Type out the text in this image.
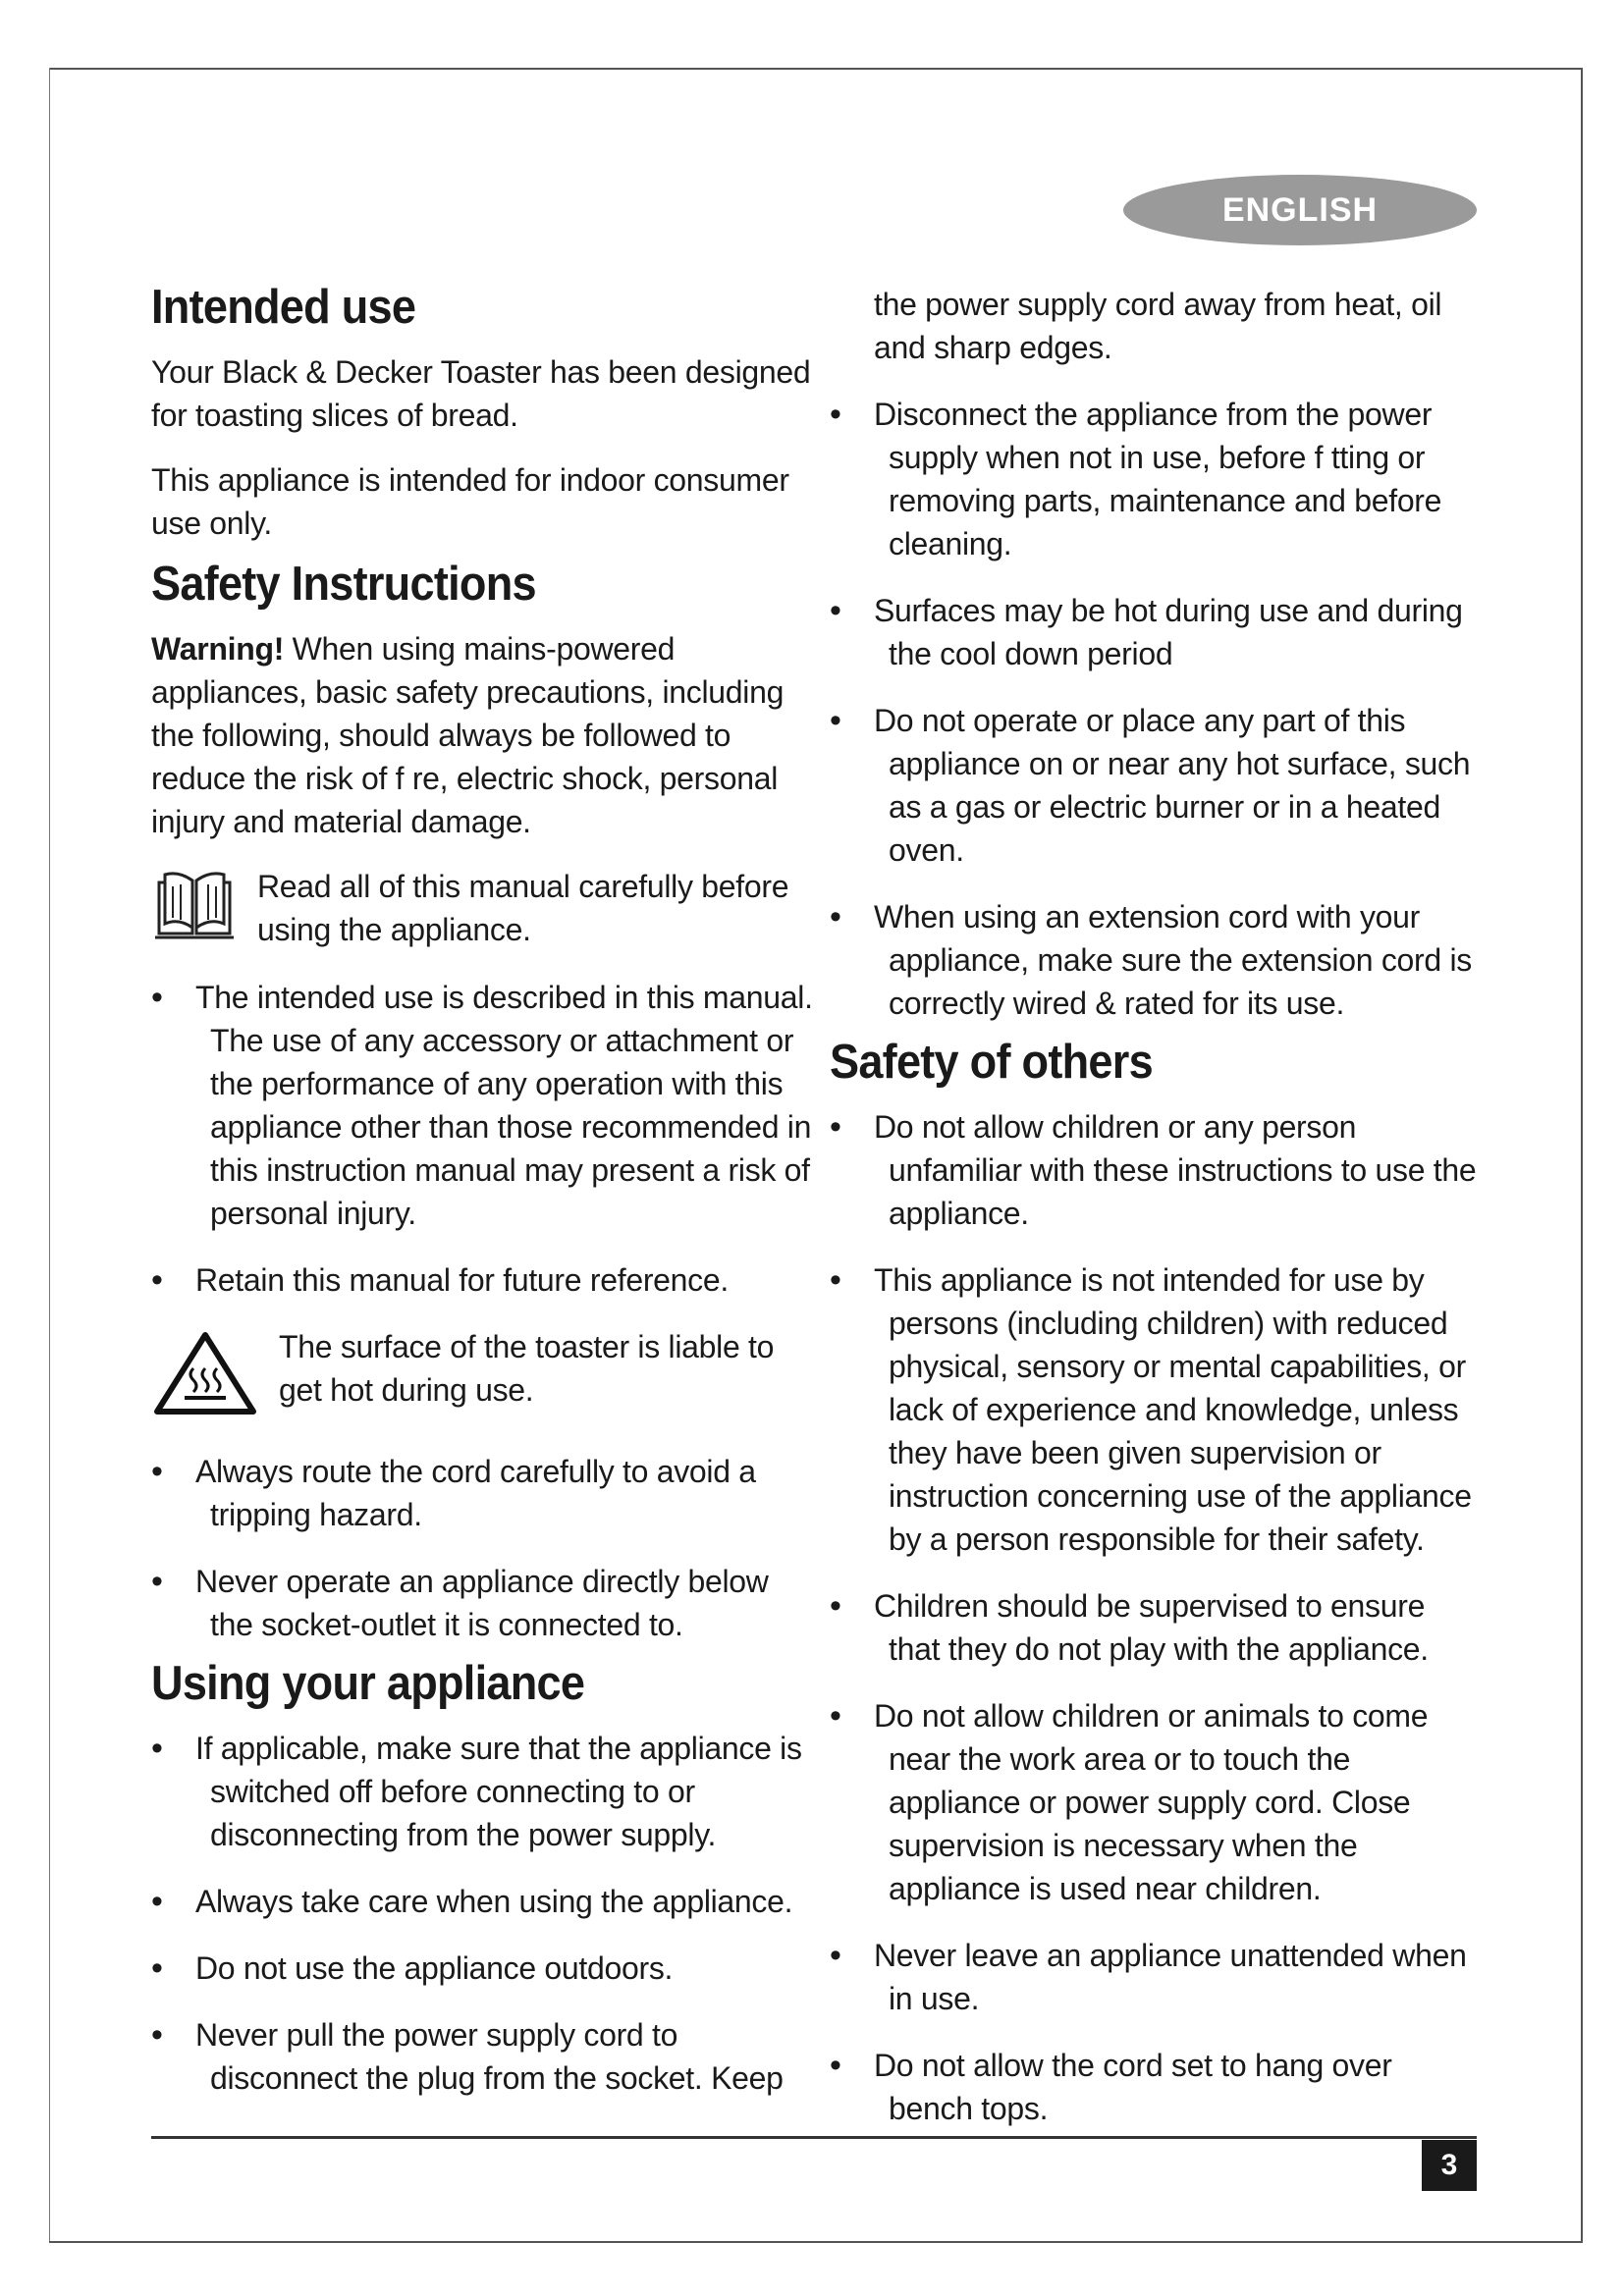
ENGLISH
Intended use

Your Black & Decker Toaster has been designed for toasting slices of bread.

This appliance is intended for indoor consumer use only.

Safety Instructions

Warning! When using mains-powered appliances, basic safety precautions, including the following, should always be followed to reduce the risk of f re, electric shock, personal injury and material damage.

Read all of this manual carefully before using the appliance.
• The intended use is described in this manual. The use of any accessory or attachment or the performance of any operation with this appliance other than those recommended in this instruction manual may present a risk of personal injury.
• Retain this manual for future reference.
The surface of the toaster is liable to get hot during use.
• Always route the cord carefully to avoid a tripping hazard.
• Never operate an appliance directly below the socket-outlet it is connected to.
Using your appliance
• If applicable, make sure that the appliance is switched off before connecting to or disconnecting from the power supply.
• Always take care when using the appliance.
• Do not use the appliance outdoors.
• Never pull the power supply cord to disconnect the plug from the socket. Keep
the power supply cord away from heat, oil and sharp edges.
• Disconnect the appliance from the power supply when not in use, before f tting or removing parts, maintenance and before cleaning.
• Surfaces may be hot during use and during the cool down period
• Do not operate or place any part of this appliance on or near any hot surface, such as a gas or electric burner or in a heated oven.
• When using an extension cord with your appliance, make sure the extension cord is correctly wired & rated for its use.
Safety of others
• Do not allow children or any person unfamiliar with these instructions to use the appliance.
• This appliance is not intended for use by persons (including children) with reduced physical, sensory or mental capabilities, or lack of experience and knowledge, unless they have been given supervision or instruction concerning use of the appliance by a person responsible for their safety.
• Children should be supervised to ensure that they do not play with the appliance.
• Do not allow children or animals to come near the work area or to touch the appliance or power supply cord. Close supervision is necessary when the appliance is used near children.
• Never leave an appliance unattended when in use.
• Do not allow the cord set to hang over bench tops.
3
